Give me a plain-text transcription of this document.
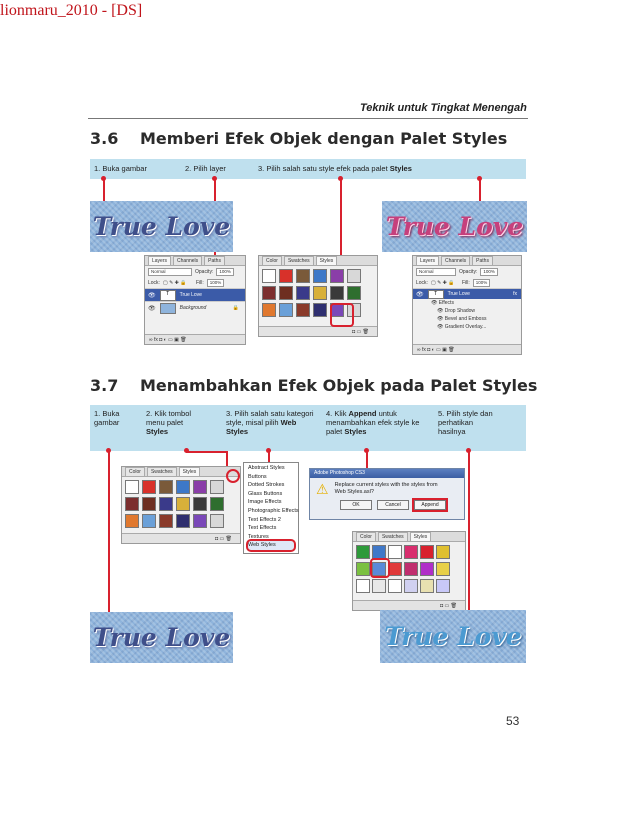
lionmaru_2010 - [DS]
Teknik untuk Tingkat Menengah
3.6 Memberi Efek Objek dengan Palet Styles
1. Buka gambar	2. Pilih layer	3. Pilih salah satu style efek pada palet Styles
True Love	True Love
Layers	Channels	Paths
Normal	Opacity:	100%
Lock: ▢ ✎ ✚ 🔒	Fill:	100%
👁	T	True Love
👁	Background	🔒
∞ fx ◘ ◐ ▭ ▣ 🗑
Color	Swatches	Styles
◘ ▭ 🗑
Layers	Channels	Paths
Normal	Opacity:	100%
Lock: ▢ ✎ ✚ 🔒	Fill:	100%
👁	T	True Love	fx
👁 Effects
👁 Drop Shadow
👁 Bevel and Emboss
👁 Gradient Overlay...
∞ fx ◘ ◐ ▭ ▣ 🗑
3.7 Menambahkan Efek Objek pada Palet Styles
1. Buka gambar
2. Klik tombol menu palet Styles
3. Pilih salah satu kategori style, misal pilih Web Styles
4. Klik Append untuk menambahkan efek style ke palet Styles
5. Pilih style dan perhatikan hasilnya
Color	Swatches	Styles
◘ ▭ 🗑
Abstract Styles
Buttons
Dotted Strokes
Glass Buttons
Image Effects
Photographic Effects
Text Effects 2
Text Effects
Textures
Web Styles
Adobe Photoshop CS3
⚠ Replace current styles with the styles from Web Styles.asl?
OK	Cancel	Append
Color	Swatches	Styles
◘ ▭ 🗑
True Love	True Love
53
